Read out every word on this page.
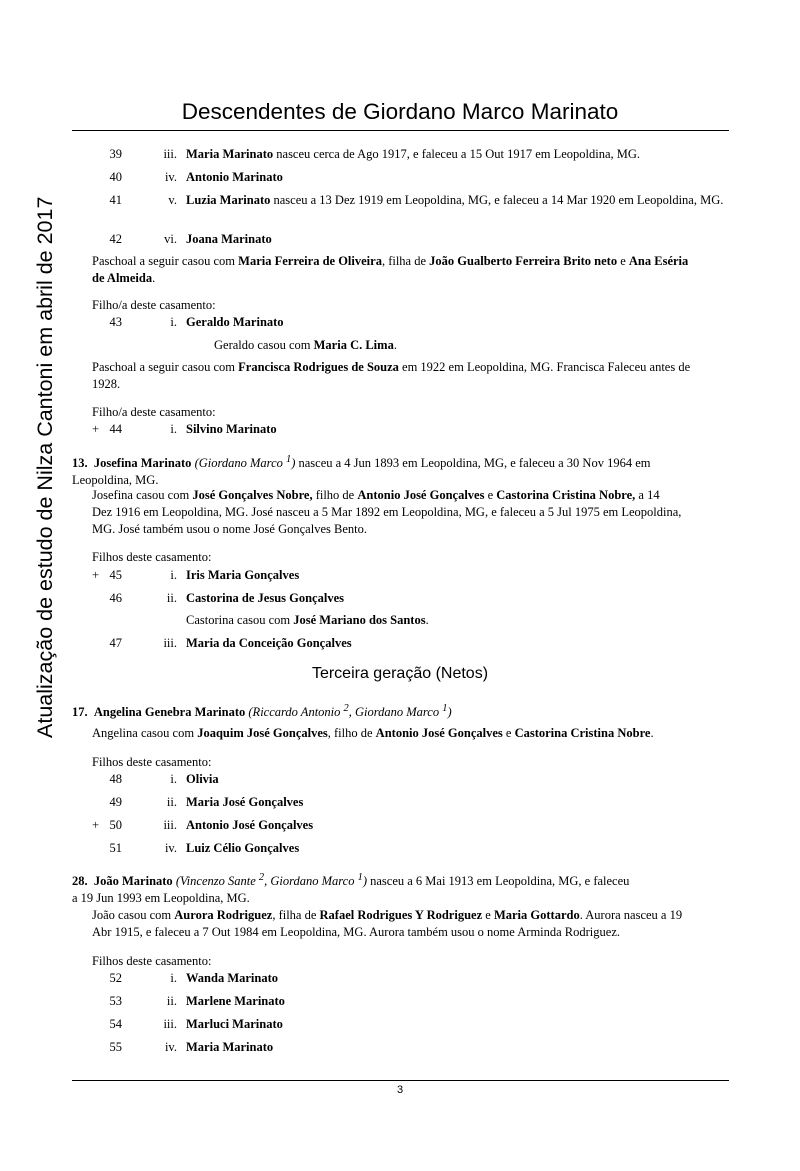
Atualização de estudo de Nilza Cantoni em abril de 2017
Descendentes de Giordano Marco Marinato
39	iii. Maria Marinato nasceu cerca de Ago 1917, e faleceu a 15 Out 1917 em Leopoldina, MG.
40	iv. Antonio Marinato
41	v. Luzia Marinato nasceu a 13 Dez 1919 em Leopoldina, MG, e faleceu a 14 Mar 1920 em Leopoldina, MG.
42	vi. Joana Marinato
Paschoal a seguir casou com Maria Ferreira de Oliveira, filha de João Gualberto Ferreira Brito neto e Ana Eséria de Almeida.
Filho/a deste casamento:
43	i. Geraldo Marinato
Geraldo casou com Maria C. Lima.
Paschoal a seguir casou com Francisca Rodrigues de Souza em 1922 em Leopoldina, MG. Francisca Faleceu antes de 1928.
Filho/a deste casamento:
+ 44	i. Silvino Marinato
13. Josefina Marinato (Giordano Marco $^1$) nasceu a 4 Jun 1893 em Leopoldina, MG, e faleceu a 30 Nov 1964 em Leopoldina, MG.
Josefina casou com José Gonçalves Nobre, filho de Antonio José Gonçalves e Castorina Cristina Nobre, a 14 Dez 1916 em Leopoldina, MG. José nasceu a 5 Mar 1892 em Leopoldina, MG, e faleceu a 5 Jul 1975 em Leopoldina, MG. José também usou o nome José Gonçalves Bento.
Filhos deste casamento:
+ 45	i. Iris Maria Gonçalves
46	ii. Castorina de Jesus Gonçalves
Castorina casou com José Mariano dos Santos.
47	iii. Maria da Conceição Gonçalves
Terceira geração (Netos)
17. Angelina Genebra Marinato (Riccardo Antonio $^2$, Giordano Marco $^1$)
Angelina casou com Joaquim José Gonçalves, filho de Antonio José Gonçalves e Castorina Cristina Nobre.
Filhos deste casamento:
48	i. Olivia
49	ii. Maria José Gonçalves
+ 50	iii. Antonio José Gonçalves
51	iv. Luiz Célio Gonçalves
28. João Marinato (Vincenzo Sante $^2$, Giordano Marco $^1$) nasceu a 6 Mai 1913 em Leopoldina, MG, e faleceu a 19 Jun 1993 em Leopoldina, MG.
João casou com Aurora Rodriguez, filha de Rafael Rodrigues Y Rodriguez e Maria Gottardo. Aurora nasceu a 19 Abr 1915, e faleceu a 7 Out 1984 em Leopoldina, MG. Aurora também usou o nome Arminda Rodriguez.
Filhos deste casamento:
52	i. Wanda Marinato
53	ii. Marlene Marinato
54	iii. Marluci Marinato
55	iv. Maria Marinato
3
